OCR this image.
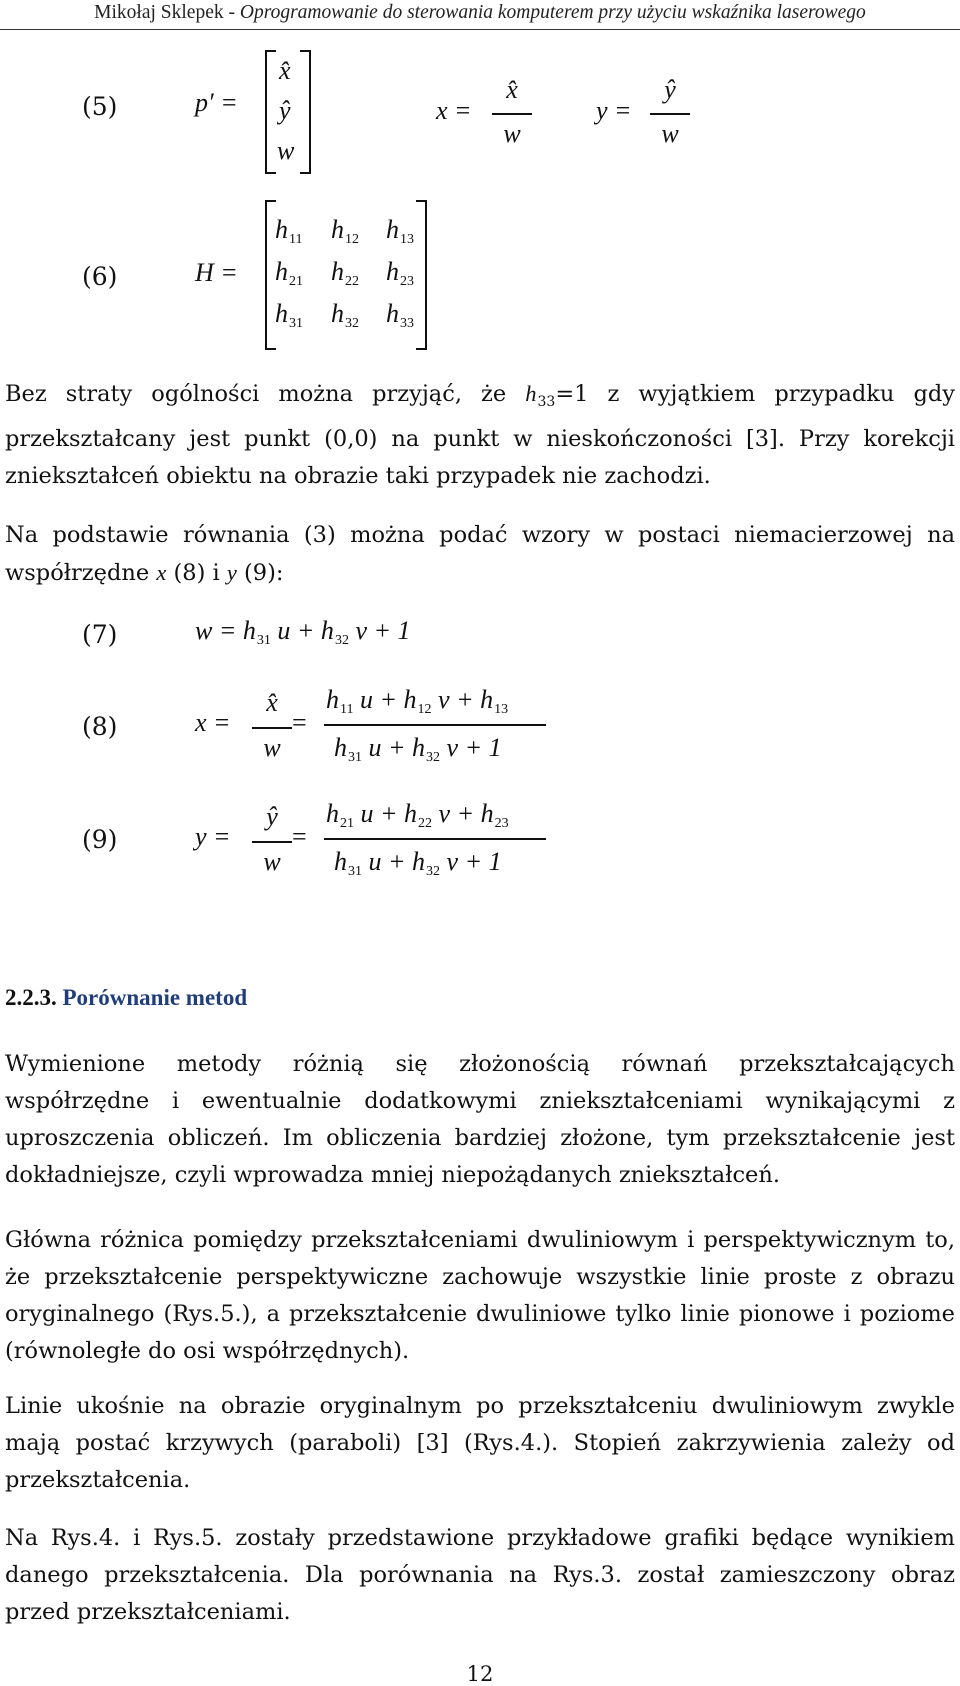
Mikołaj Sklepek - Oprogramowanie do sterowania komputerem przy użyciu wskaźnika laserowego
(5)	p′ =
x̂
ŷ
w
x =
x̂
w
y =
ŷ
w
(6)	H =
$h_{11}$ $h_{12}$ $h_{13}$
$h_{21}$ $h_{22}$ $h_{23}$
$h_{31}$ $h_{32}$ $h_{33}$
Bez straty ogólności można przyjąć, że $h_{33}=1$ z wyjątkiem przypadku gdy przekształcany jest punkt (0,0) na punkt w nieskończoności [3]. Przy korekcji zniekształceń obiektu na obrazie taki przypadek nie zachodzi.
Na podstawie równania (3) można podać wzory w postaci niemacierzowej na współrzędne x (8) i y (9):
(7)	$w = h_{31}$ $u + h_{32}$ v + 1
(8)	x =
x̂
w
=
$h_{11}$ $u + h_{12}$ $v + h_{13}$
$h_{31}$ $u + h_{32}$ v + 1
(9)	y =
ŷ
w
=
$h_{21}$ $u + h_{22}$ $v + h_{23}$
$h_{31}$ $u + h_{32}$ v + 1
2.2.3. Porównanie metod
Wymienione metody różnią się złożonością równań przekształcających współrzędne i ewentualnie dodatkowymi zniekształceniami wynikającymi z uproszczenia obliczeń. Im obliczenia bardziej złożone, tym przekształcenie jest dokładniejsze, czyli wprowadza mniej niepożądanych zniekształceń.
Główna różnica pomiędzy przekształceniami dwuliniowym i perspektywicznym to, że przekształcenie perspektywiczne zachowuje wszystkie linie proste z obrazu oryginalnego (Rys.5.), a przekształcenie dwuliniowe tylko linie pionowe i poziome (równoległe do osi współrzędnych).
Linie ukośnie na obrazie oryginalnym po przekształceniu dwuliniowym zwykle mają postać krzywych (paraboli) [3] (Rys.4.). Stopień zakrzywienia zależy od przekształcenia.
Na Rys.4. i Rys.5. zostały przedstawione przykładowe grafiki będące wynikiem danego przekształcenia. Dla porównania na Rys.3. został zamieszczony obraz przed przekształceniami.
12
